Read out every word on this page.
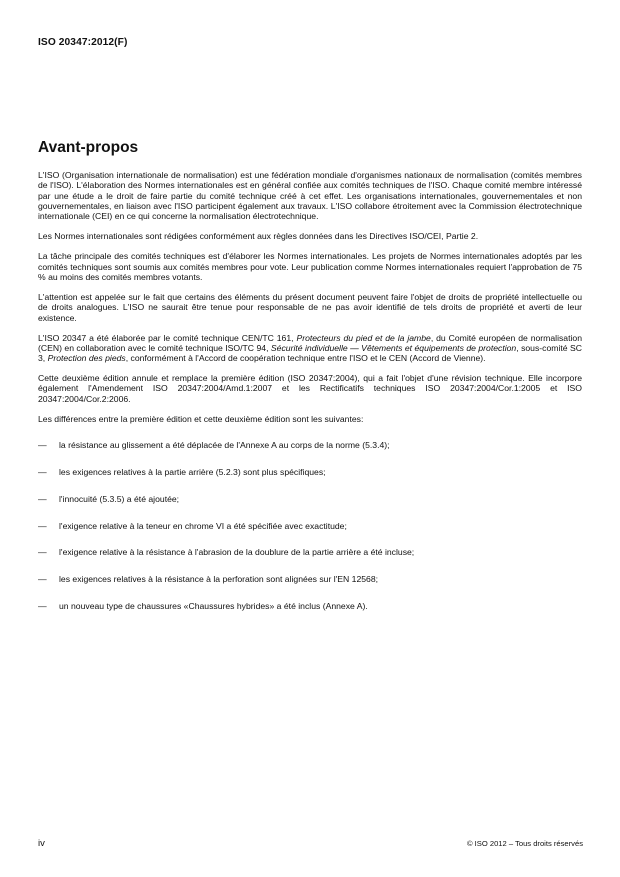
ISO 20347:2012(F)
Avant-propos

L'ISO (Organisation internationale de normalisation) est une fédération mondiale d'organismes nationaux de normalisation (comités membres de l'ISO). L'élaboration des Normes internationales est en général confiée aux comités techniques de l'ISO. Chaque comité membre intéressé par une étude a le droit de faire partie du comité technique créé à cet effet. Les organisations internationales, gouvernementales et non gouvernementales, en liaison avec l'ISO participent également aux travaux. L'ISO collabore étroitement avec la Commission électrotechnique internationale (CEI) en ce qui concerne la normalisation électrotechnique.

Les Normes internationales sont rédigées conformément aux règles données dans les Directives ISO/CEI, Partie 2.

La tâche principale des comités techniques est d'élaborer les Normes internationales. Les projets de Normes internationales adoptés par les comités techniques sont soumis aux comités membres pour vote. Leur publication comme Normes internationales requiert l'approbation de 75 % au moins des comités membres votants.

L'attention est appelée sur le fait que certains des éléments du présent document peuvent faire l'objet de droits de propriété intellectuelle ou de droits analogues. L'ISO ne saurait être tenue pour responsable de ne pas avoir identifié de tels droits de propriété et averti de leur existence.

L'ISO 20347 a été élaborée par le comité technique CEN/TC 161, Protecteurs du pied et de la jambe, du Comité européen de normalisation (CEN) en collaboration avec le comité technique ISO/TC 94, Sécurité individuelle — Vêtements et équipements de protection, sous-comité SC 3, Protection des pieds, conformément à l'Accord de coopération technique entre l'ISO et le CEN (Accord de Vienne).

Cette deuxième édition annule et remplace la première édition (ISO 20347:2004), qui a fait l'objet d'une révision technique. Elle incorpore également l'Amendement ISO 20347:2004/Amd.1:2007 et les Rectificatifs techniques ISO 20347:2004/Cor.1:2005 et ISO 20347:2004/Cor.2:2006.

Les différences entre la première édition et cette deuxième édition sont les suivantes:

— la résistance au glissement a été déplacée de l'Annexe A au corps de la norme (5.3.4);
— les exigences relatives à la partie arrière (5.2.3) sont plus spécifiques;
— l'innocuité (5.3.5) a été ajoutée;
— l'exigence relative à la teneur en chrome VI a été spécifiée avec exactitude;
— l'exigence relative à la résistance à l'abrasion de la doublure de la partie arrière a été incluse;
— les exigences relatives à la résistance à la perforation sont alignées sur l'EN 12568;
— un nouveau type de chaussures «Chaussures hybrides» a été inclus (Annexe A).
iv	© ISO 2012 – Tous droits réservés
